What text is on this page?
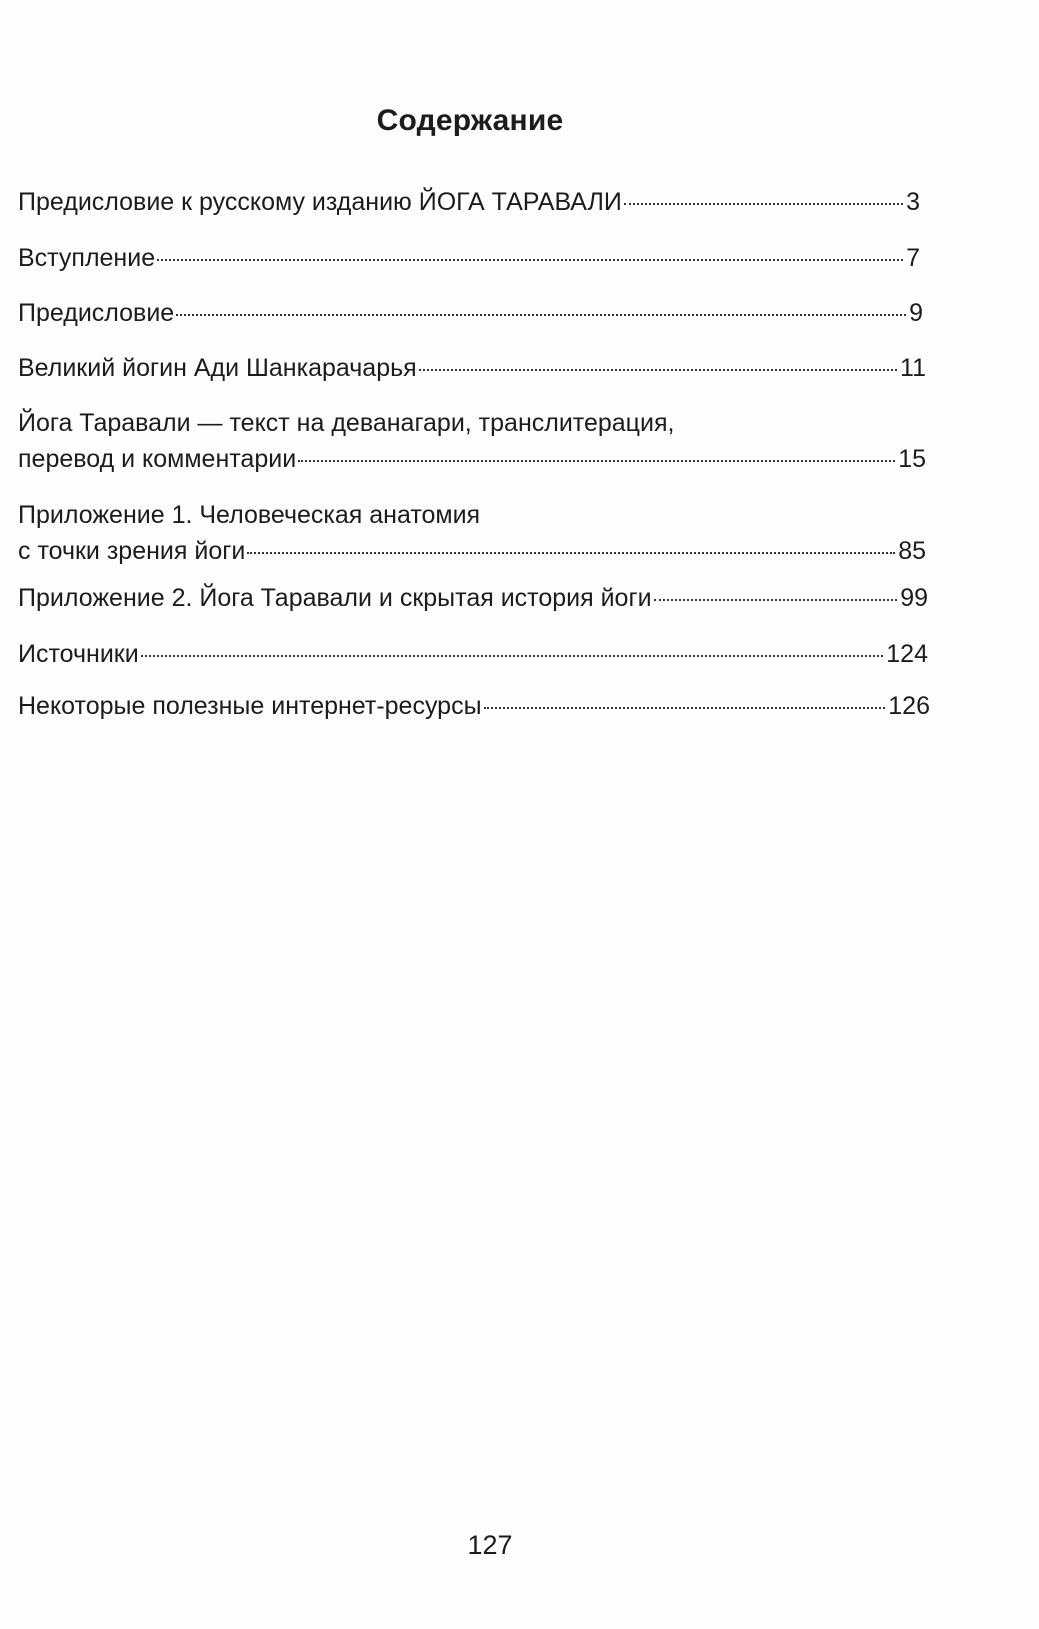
Содержание
Предисловие к русскому изданию ЙОГА ТАРАВАЛИ	3
Вступление	7
Предисловие	9
Великий йогин Ади Шанкарачарья	11
Йога Таравали — текст на деванагари, транслитерация,
перевод и комментарии	15
Приложение 1. Человеческая анатомия
с точки зрения йоги	85
Приложение 2. Йога Таравали и скрытая история йоги	99
Источники	124
Некоторые полезные интернет-ресурсы	126
127
